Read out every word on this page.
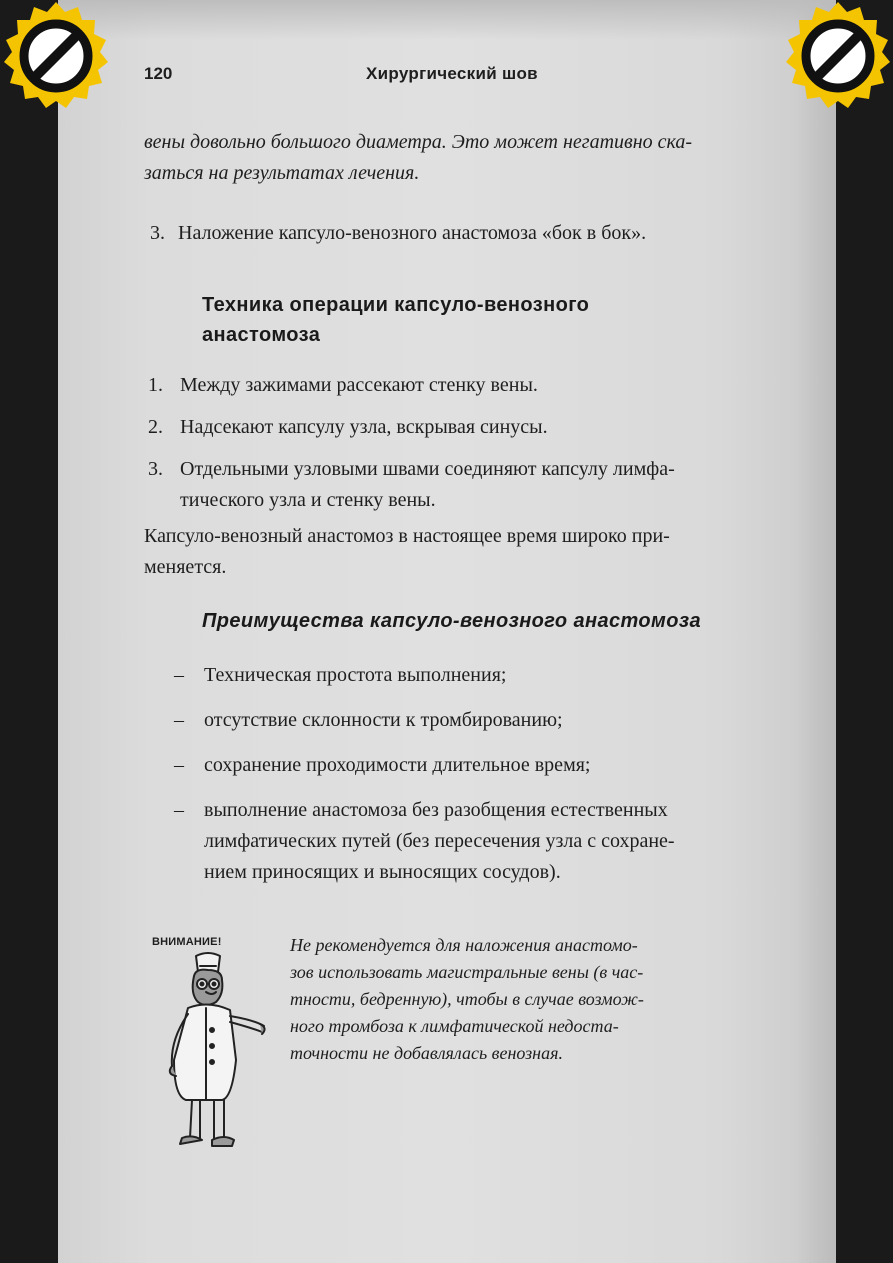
120	Хирургический шов
вены довольно большого диаметра. Это может негативно ска-
заться на результатах лечения.
3. Наложение капсуло-венозного анастомоза «бок в бок».
Техника операции капсуло-венозного
анастомоза
1. Между зажимами рассекают стенку вены.
2. Надсекают капсулу узла, вскрывая синусы.
3. Отдельными узловыми швами соединяют капсулу лимфа-
тического узла и стенку вены.
Капсуло-венозный анастомоз в настоящее время широко при-
меняется.
Преимущества капсуло-венозного анастомоза
– Техническая простота выполнения;
– отсутствие склонности к тромбированию;
– сохранение проходимости длительное время;
– выполнение анастомоза без разобщения естественных
лимфатических путей (без пересечения узла с сохране-
нием приносящих и выносящих сосудов).
ВНИМАНИЕ!	Не рекомендуется для наложения анастомо-
зов использовать магистральные вены (в час-
тности, бедренную), чтобы в случае возмож-
ного тромбоза к лимфатической недоста-
точности не добавлялась венозная.
